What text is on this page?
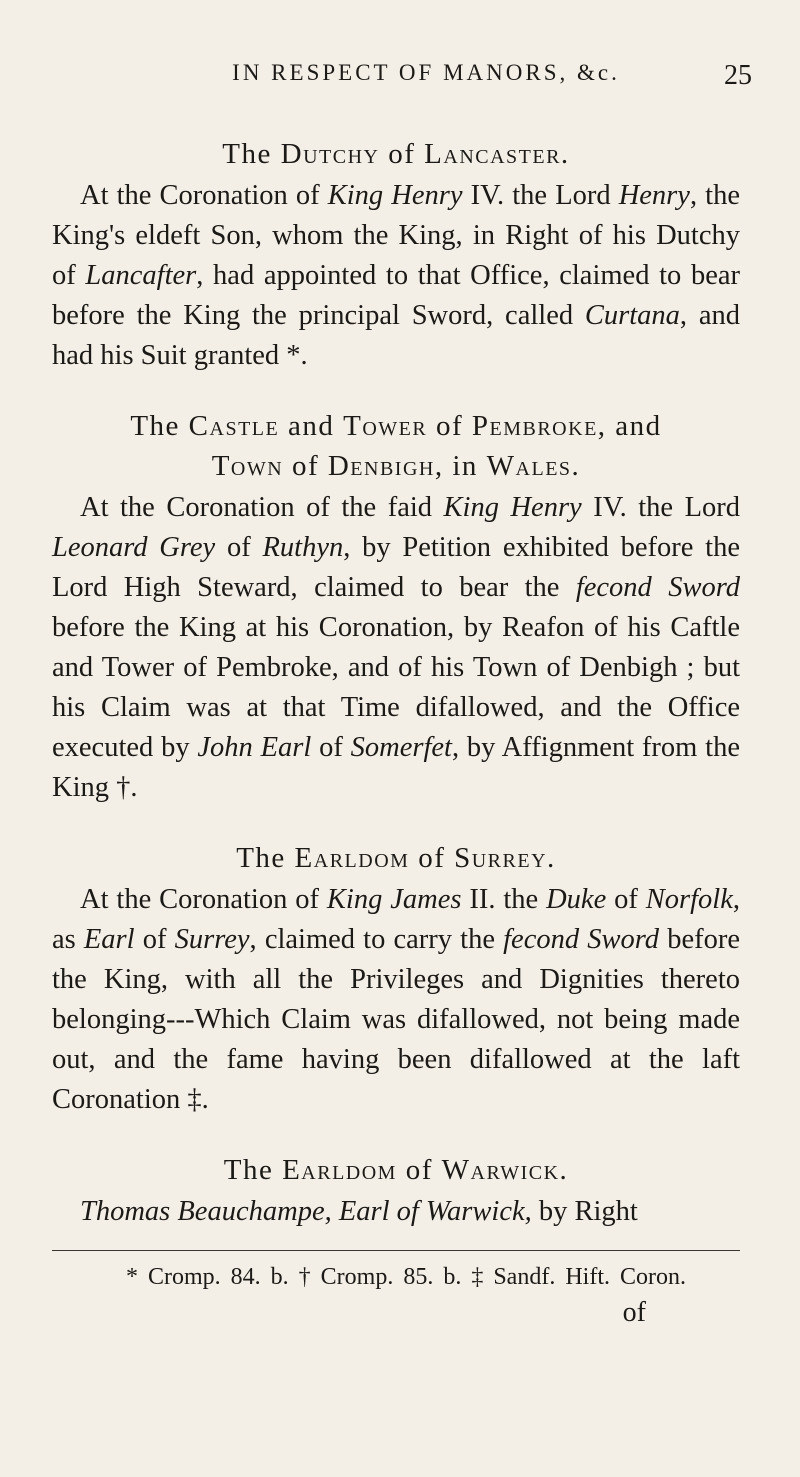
IN RESPECT OF MANORS, &c.	25
The Dutchy of Lancaster.

At the Coronation of King Henry IV. the Lord Henry, the King's eldeft Son, whom the King, in Right of his Dutchy of Lancafter, had appointed to that Office, claimed to bear before the King the principal Sword, called Curtana, and had his Suit granted *.

The Castle and Tower of Pembroke, and
Town of Denbigh, in Wales.

At the Coronation of the faid King Henry IV. the Lord Leonard Grey of Ruthyn, by Petition exhibited before the Lord High Steward, claimed to bear the fecond Sword before the King at his Coronation, by Reafon of his Caftle and Tower of Pembroke, and of his Town of Denbigh ; but his Claim was at that Time difallowed, and the Office executed by John Earl of Somerfet, by Affignment from the King †.

The Earldom of Surrey.

At the Coronation of King James II. the Duke of Norfolk, as Earl of Surrey, claimed to carry the fecond Sword before the King, with all the Privileges and Dignities thereto belonging---Which Claim was difallowed, not being made out, and the fame having been difallowed at the laft Coronation ‡.

The Earldom of Warwick.

Thomas Beauchampe, Earl of Warwick, by Right

* Cromp. 84. b. † Cromp. 85. b. ‡ Sandf. Hift. Coron.
of
